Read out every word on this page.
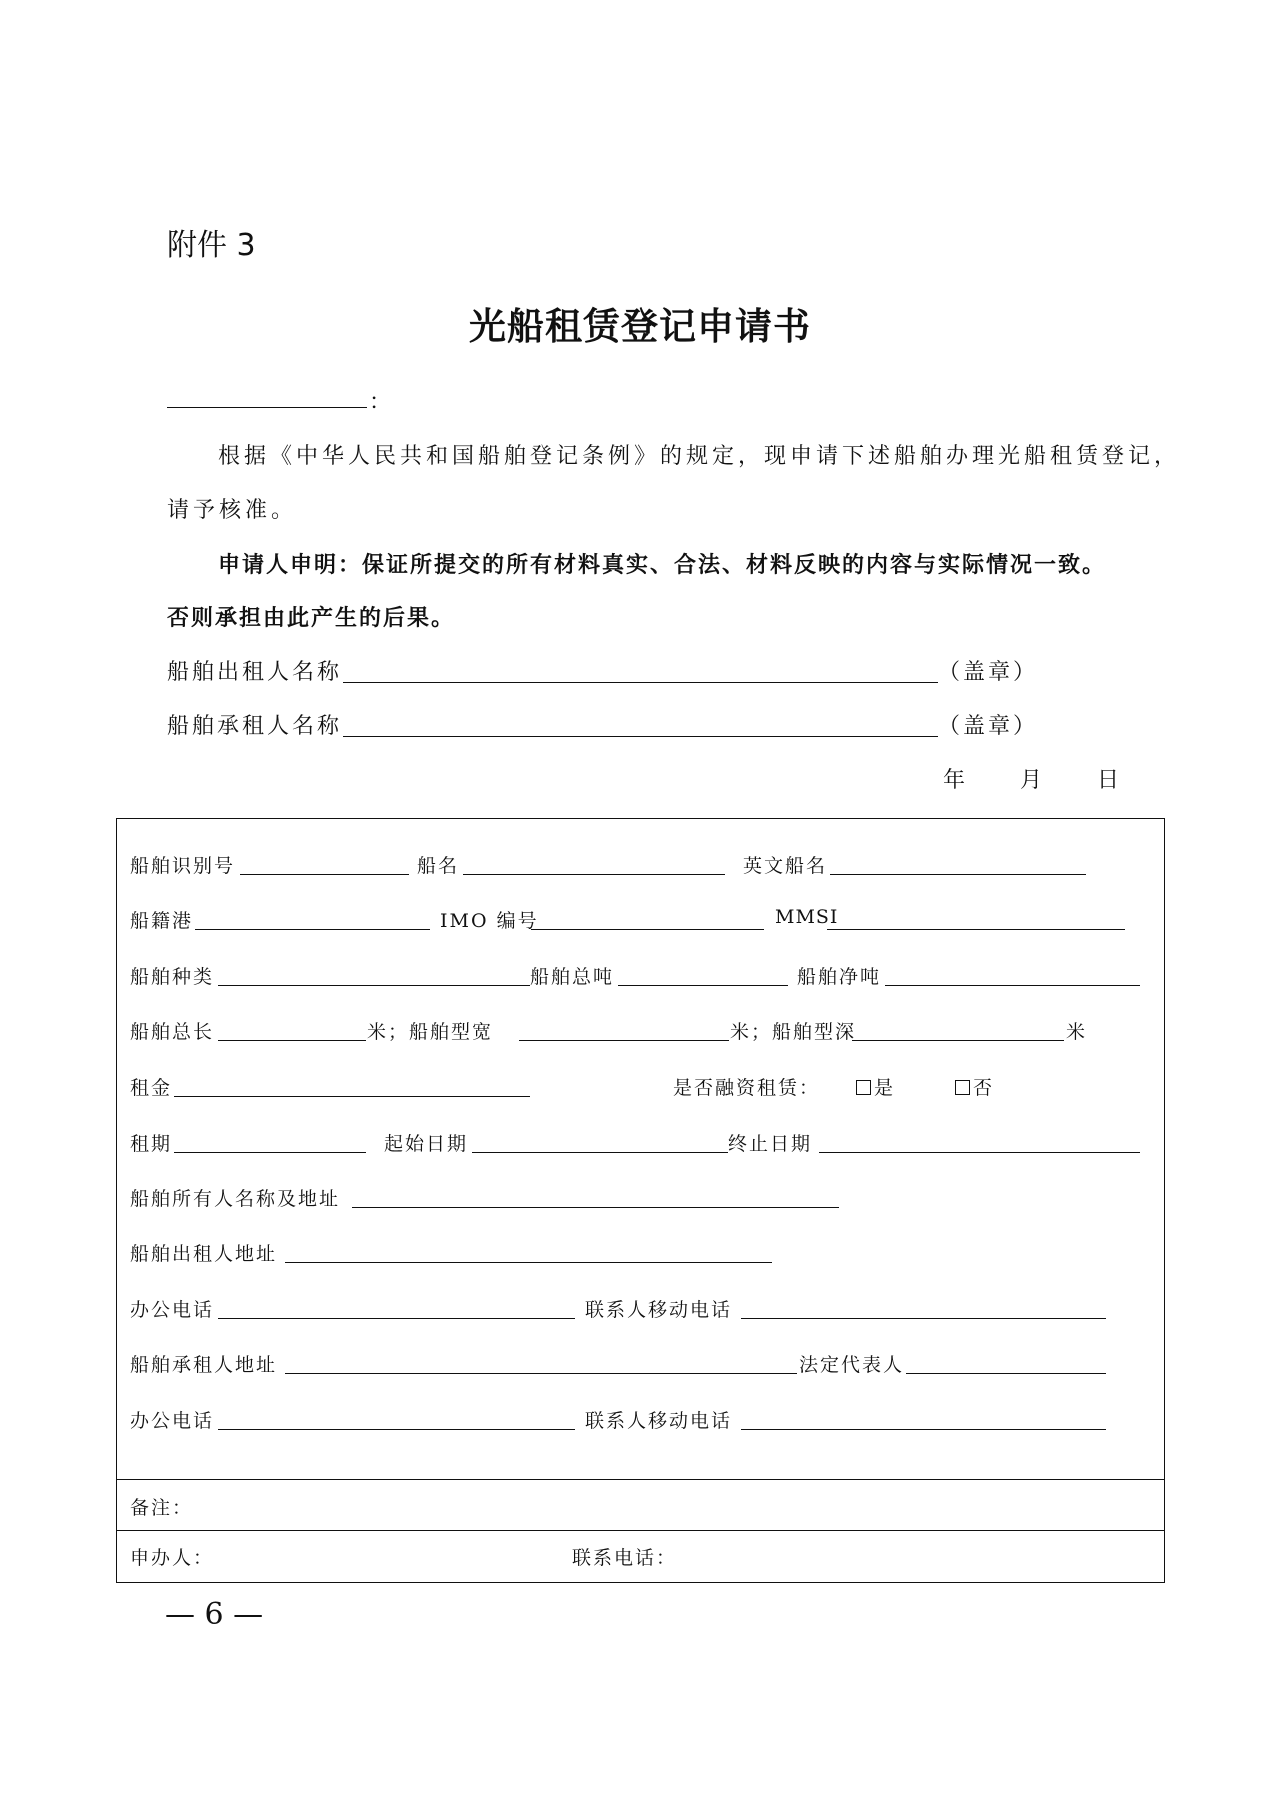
附件 3
光船租赁登记申请书
：
根据《中华人民共和国船舶登记条例》的规定，现申请下述船舶办理光船租赁登记，
请予核准。
申请人申明：保证所提交的所有材料真实、合法、材料反映的内容与实际情况一致。
否则承担由此产生的后果。
船舶出租人名称	（盖章）
船舶承租人名称	（盖章）
年 月 日
船舶识别号	船名	英文船名
船籍港	IMO 编号	MMSI
船舶种类	船舶总吨	船舶净吨
船舶总长	米；船舶型宽	米；船舶型深	米
租金	是否融资租赁：	是	否
租期	起始日期	终止日期
船舶所有人名称及地址
船舶出租人地址
办公电话	联系人移动电话
船舶承租人地址	法定代表人
办公电话	联系人移动电话
备注：
申办人：	联系电话：
— 6 —
